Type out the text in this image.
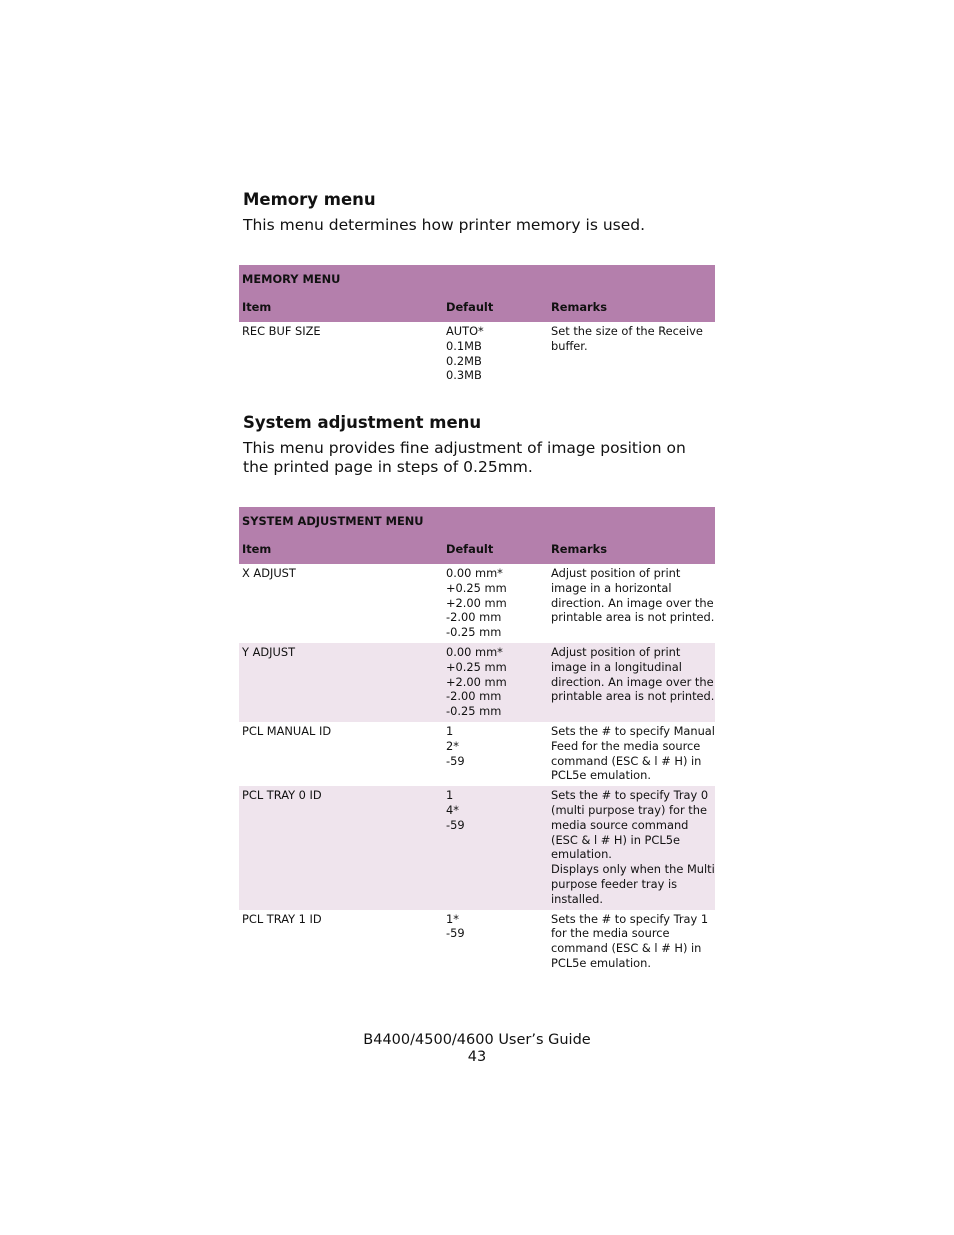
Memory menu

This menu determines how printer memory is used.

MEMORY MENU		
Item	Default	Remarks
REC BUF SIZE	AUTO*
0.1MB
0.2MB
0.3MB	Set the size of the Receive buffer.
System adjustment menu

This menu provides fine adjustment of image position on the printed page in steps of 0.25mm.

SYSTEM ADJUSTMENT MENU		
Item	Default	Remarks
X ADJUST	0.00 mm*
+0.25 mm
+2.00 mm
-2.00 mm
-0.25 mm	Adjust position of print image in a horizontal direction. An image over the printable area is not printed.
Y ADJUST	0.00 mm*
+0.25 mm
+2.00 mm
-2.00 mm
-0.25 mm	Adjust position of print image in a longitudinal direction. An image over the printable area is not printed.
PCL MANUAL ID	1
2*
-59	Sets the # to specify Manual Feed for the media source command (ESC & l # H) in PCL5e emulation.
PCL TRAY 0 ID	1
4*
-59	Sets the # to specify Tray 0 (multi purpose tray) for the media source command (ESC & l # H) in PCL5e emulation.
Displays only when the Multi purpose feeder tray is installed.
PCL TRAY 1 ID	1*
-59	Sets the # to specify Tray 1 for the media source command (ESC & l # H) in PCL5e emulation.
B4400/4500/4600 User’s Guide
43
